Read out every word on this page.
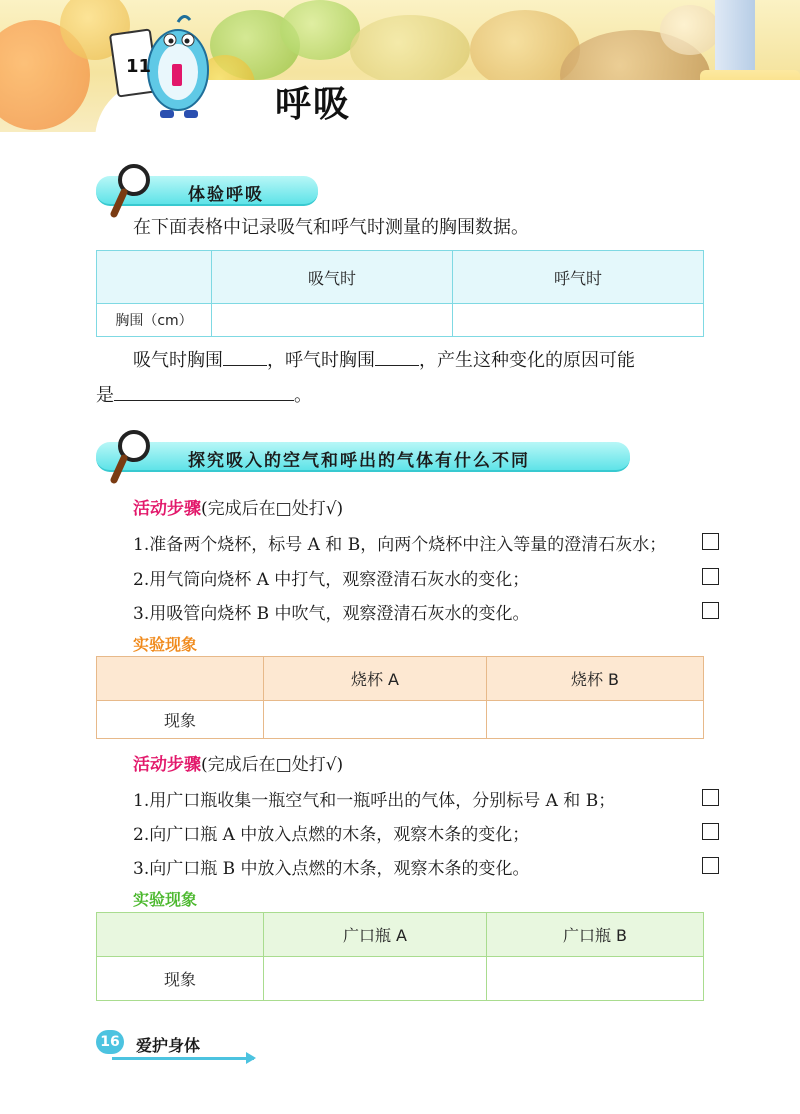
11
呼吸
体验呼吸
在下面表格中记录吸气和呼气时测量的胸围数据。
	吸气时	呼气时
胸围（cm）		
吸气时胸围 ，呼气时胸围 ，产生这种变化的原因可能
是	。
探究吸入的空气和呼出的气体有什么不同
活动步骤(完成后在□处打√)
1.准备两个烧杯，标号 A 和 B，向两个烧杯中注入等量的澄清石灰水；
2.用气筒向烧杯 A 中打气，观察澄清石灰水的变化；
3.用吸管向烧杯 B 中吹气，观察澄清石灰水的变化。
实验现象
	烧杯 A	烧杯 B
现象		
活动步骤(完成后在□处打√)
1.用广口瓶收集一瓶空气和一瓶呼出的气体，分别标号 A 和 B；
2.向广口瓶 A 中放入点燃的木条，观察木条的变化；
3.向广口瓶 B 中放入点燃的木条，观察木条的变化。
实验现象
	广口瓶 A	广口瓶 B
现象		
16 爱护身体
